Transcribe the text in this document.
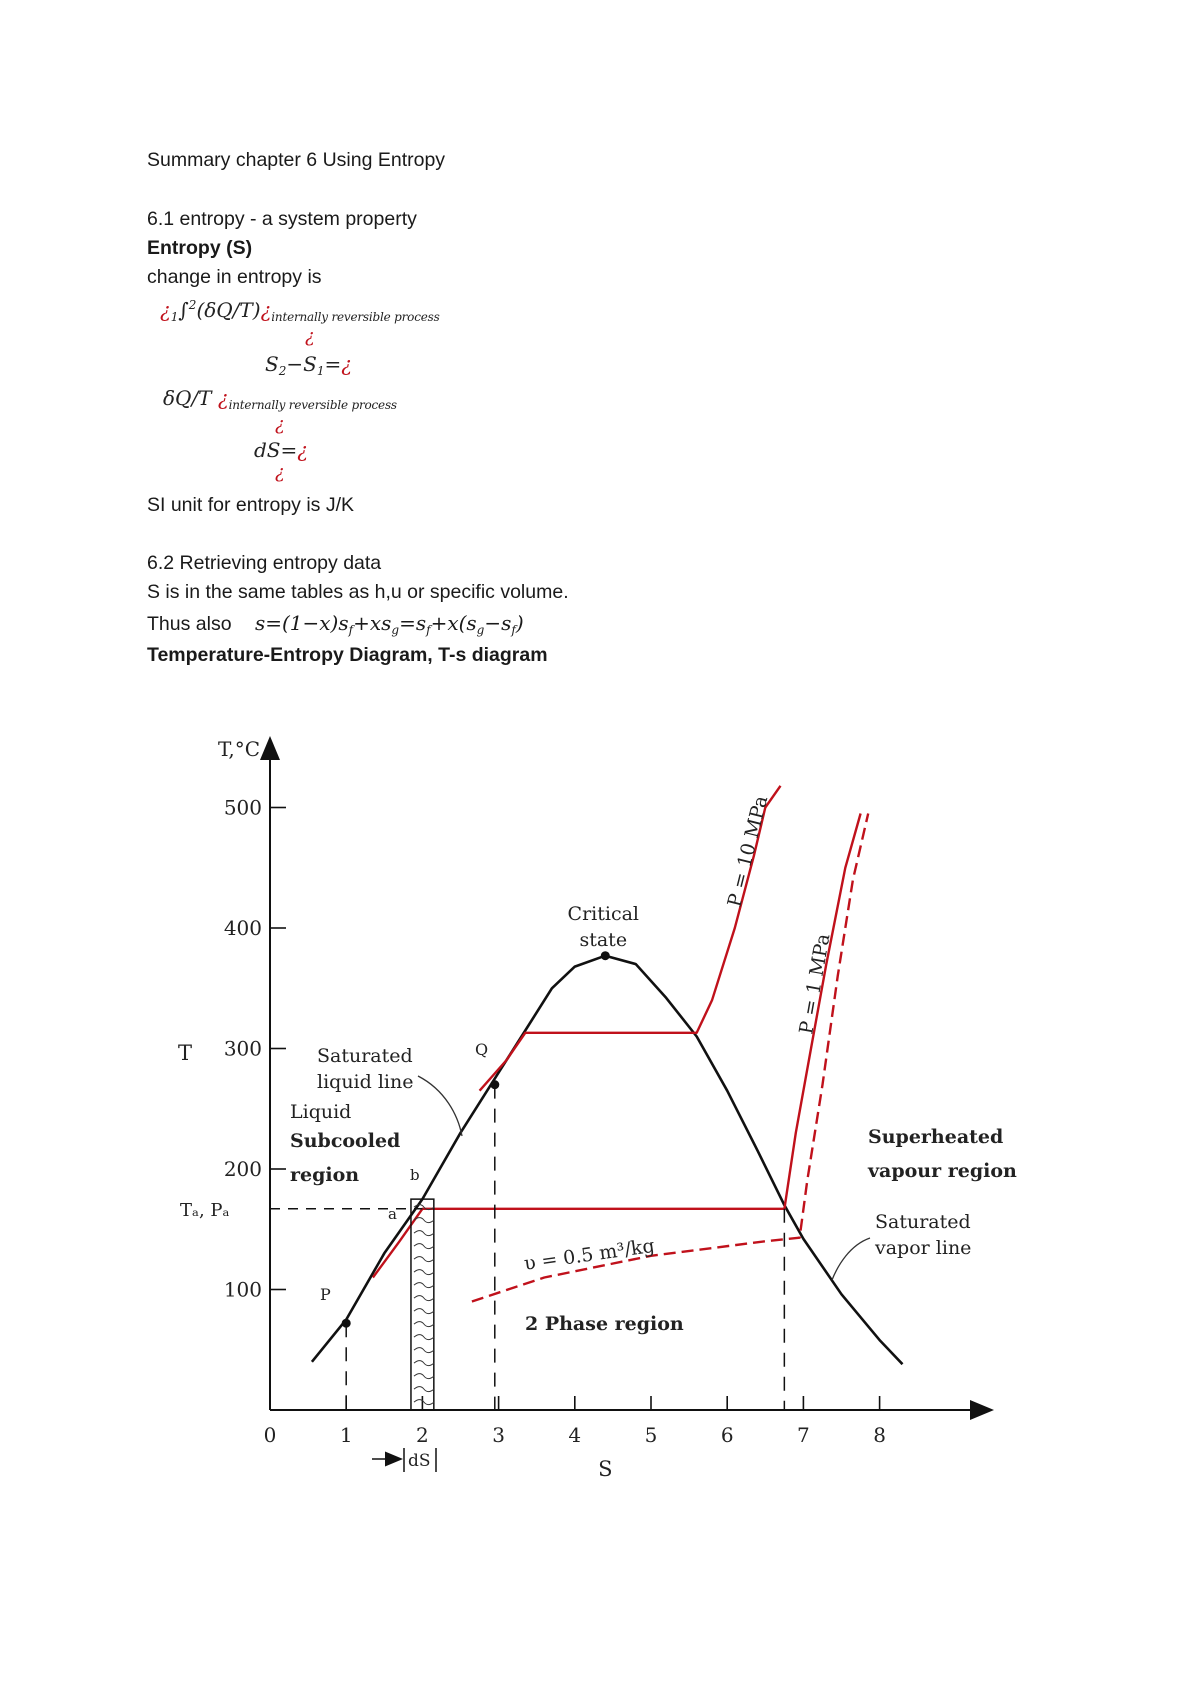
Summary chapter 6 Using Entropy
6.1 entropy - a system property
Entropy (S)
change in entropy is
¿$_1\int^2(\delta Q/T)¿_{internally reversible process}$
¿
$S_2-S_1=¿$
δQ/T ¿$_{internally reversible process}$
¿
dS=¿
¿
SI unit for entropy is J/K
6.2 Retrieving entropy data
S is in the same tables as h,u or specific volume.
Thus also $s=(1-x)s_f+xs_g=s_f+x(s_g-s_f)$
Temperature-Entropy Diagram, T-s diagram
100
200
300
400
500
0	1	2	3	4	5	6	7	8
T,°C
T
S
Critical
state
Saturated
liquid line
Liquid
Subcooled
region
Superheated
vapour region
Saturated
vapor line
2 Phase region
P = 10 MPa
P = 1 MPa
υ = 0.5 m³/kg
Tₐ, Pₐ	a
b
Q
P
dS
